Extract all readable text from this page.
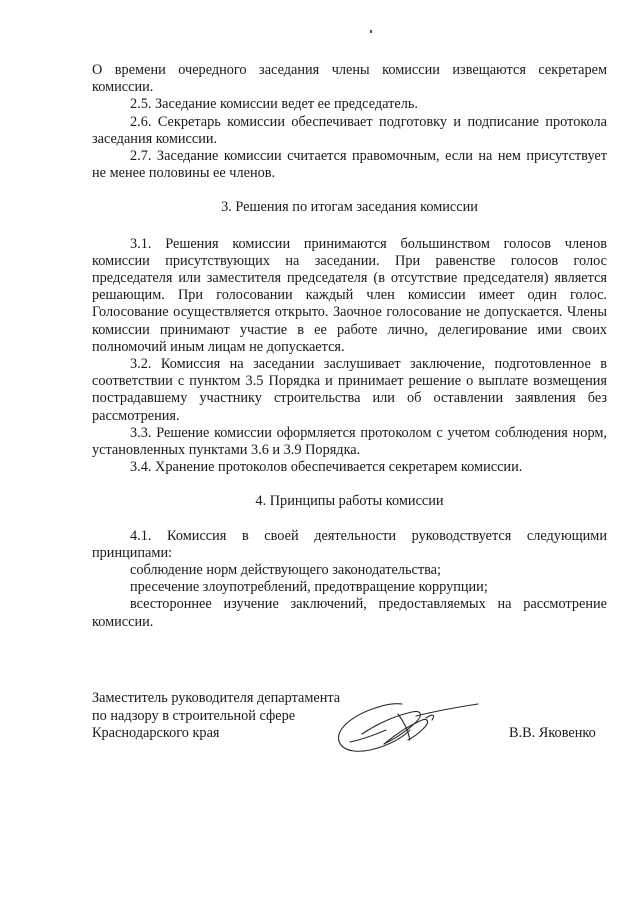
О времени очередного заседания члены комиссии извещаются секретарем комиссии.

2.5. Заседание комиссии ведет ее председатель.

2.6. Секретарь комиссии обеспечивает подготовку и подписание протокола заседания комиссии.

2.7. Заседание комиссии считается правомочным, если на нем присутствует не менее половины ее членов.

3. Решения по итогам заседания комиссии

3.1. Решения комиссии принимаются большинством голосов членов комиссии присутствующих на заседании. При равенстве голосов голос председателя или заместителя председателя (в отсутствие председателя) является решающим. При голосовании каждый член комиссии имеет один голос. Голосование осуществляется открыто. Заочное голосование не допускается. Члены комиссии принимают участие в ее работе лично, делегирование ими своих полномочий иным лицам не допускается.

3.2. Комиссия на заседании заслушивает заключение, подготовленное в соответствии с пунктом 3.5 Порядка и принимает решение о выплате возмещения пострадавшему участнику строительства или об оставлении заявления без рассмотрения.

3.3. Решение комиссии оформляется протоколом с учетом соблюдения норм, установленных пунктами 3.6 и 3.9 Порядка.

3.4. Хранение протоколов обеспечивается секретарем комиссии.

4. Принципы работы комиссии

4.1. Комиссия в своей деятельности руководствуется следующими принципами:

соблюдение норм действующего законодательства;

пресечение злоупотреблений, предотвращение коррупции;

всестороннее изучение заключений, предоставляемых на рассмотрение комиссии.

Заместитель руководителя департамента

по надзору в строительной сфере

Краснодарского края	В.В. Яковенко
